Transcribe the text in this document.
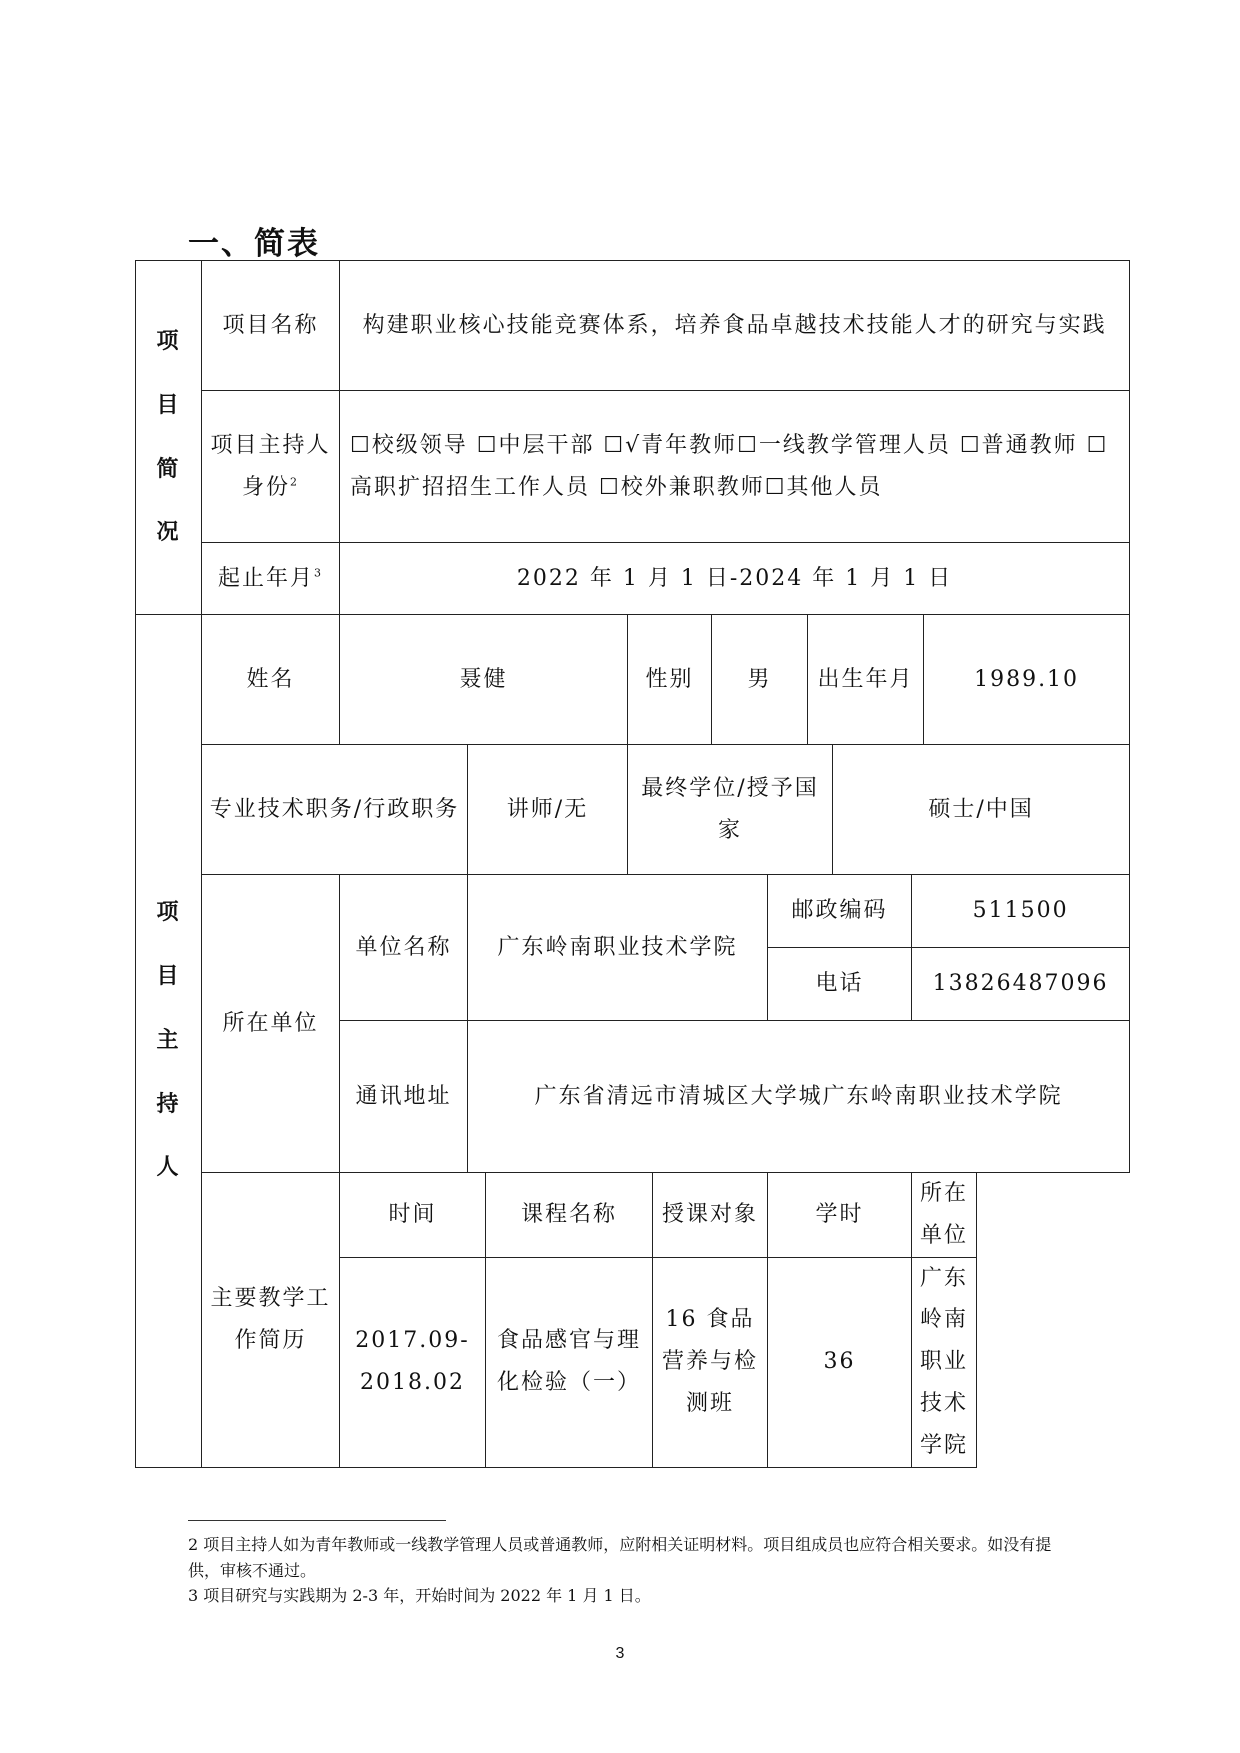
一、简表
项
目
简
况	项目名称	构建职业核心技能竞赛体系，培养食品卓越技术技能人才的研究与实践										
	项目主持人身份$^2$	☐校级领导 ☐中层干部 ☐√青年教师☐一线教学管理人员 ☐普通教师 ☐高职扩招招生工作人员 ☐校外兼职教师☐其他人员										
	起止年月$^3$	2022 年 1 月 1 日-2024 年 1 月 1 日										

项
目
主
持
人	姓名	聂健			性别		男		出生年月			1989.10
	专业技术职务/行政职务		讲师/无		最终学位/授予国家					硕士/中国		
	所在单位	单位名称	广东岭南职业技术学院					邮政编码			511500	
								电话			13826487096	
		通讯地址	广东省清远市清城区大学城广东岭南职业技术学院									
	主要教学工作简历	时间		课程名称		授课对象		学时			所在单位	
		2017.09-2018.02		食品感官与理化检验（一）		16 食品营养与检测班		36			广东岭南职业技术学院	

2 项目主持人如为青年教师或一线教学管理人员或普通教师，应附相关证明材料。项目组成员也应符合相关要求。如没有提供，审核不通过。

3 项目研究与实践期为 2-3 年，开始时间为 2022 年 1 月 1 日。

3
